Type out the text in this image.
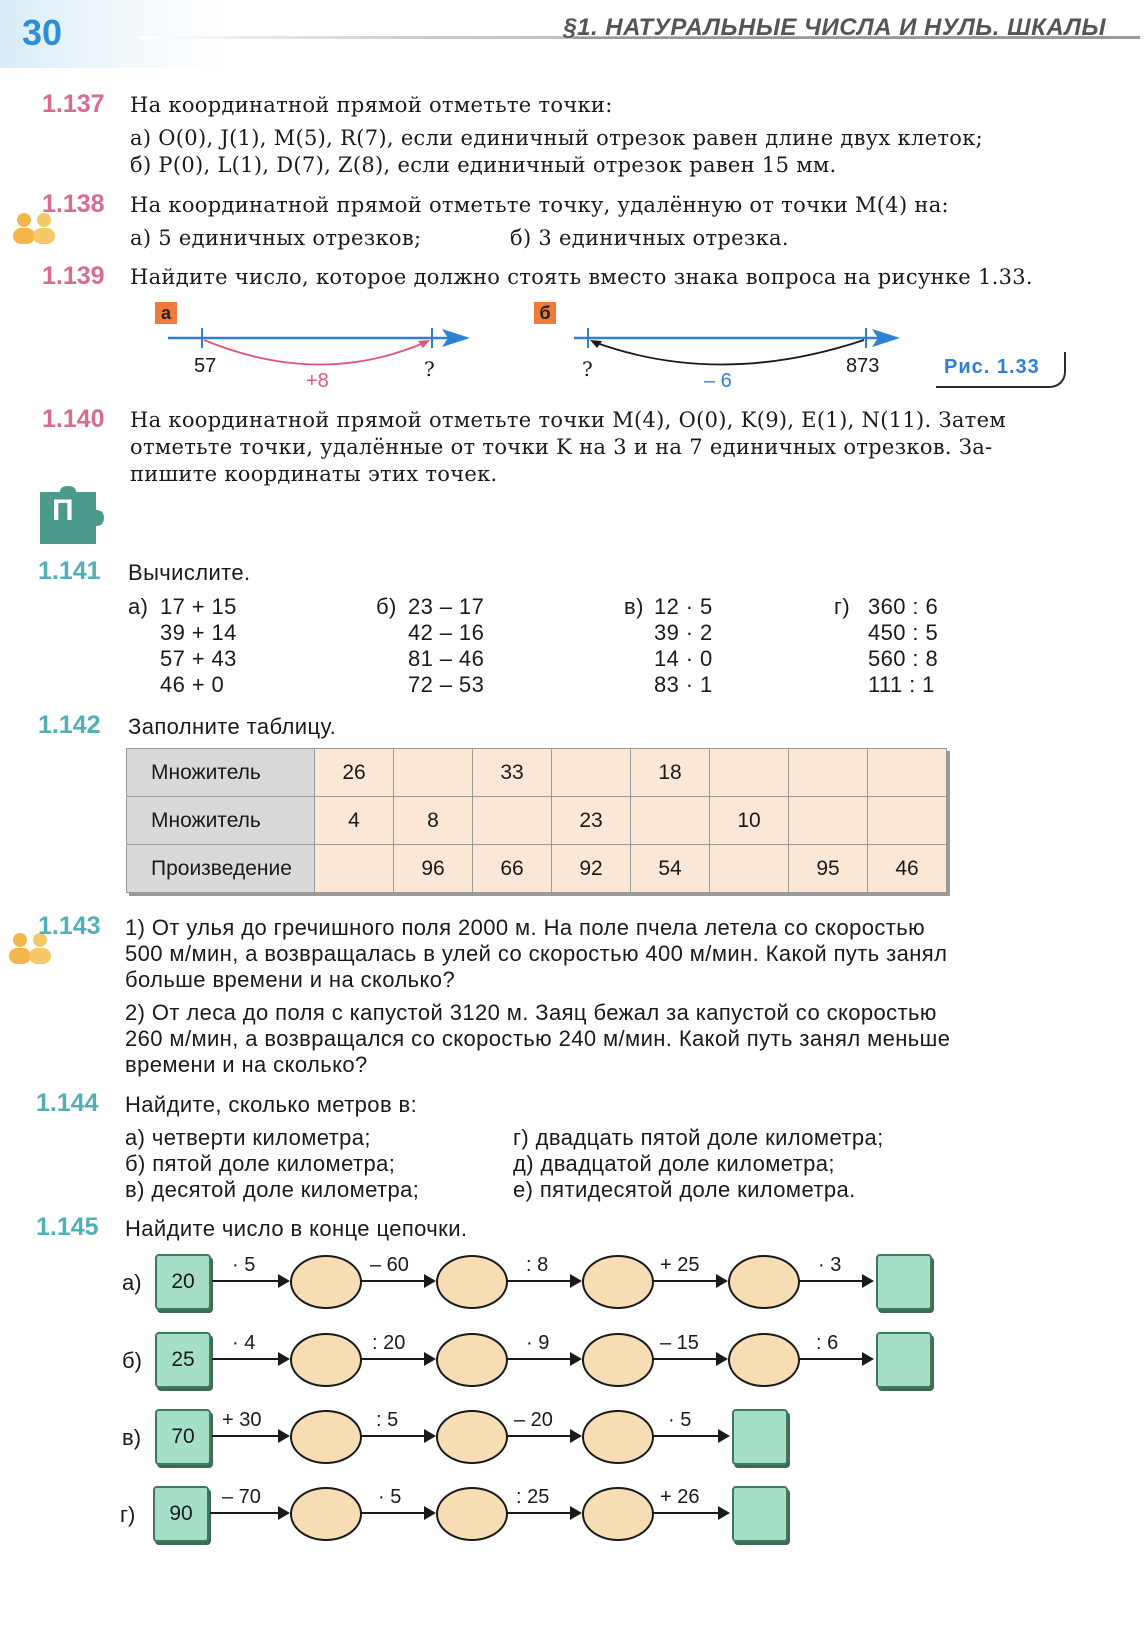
30	§1. НАТУРАЛЬНЫЕ ЧИСЛА И НУЛЬ. ШКАЛЫ
1.137 На координатной прямой отметьте точки:
а) O(0), J(1), M(5), R(7), если единичный отрезок равен длине двух клеток;
б) P(0), L(1), D(7), Z(8), если единичный отрезок равен 15 мм.
1.138 На координатной прямой отметьте точку, удалённую от точки M(4) на:
а) 5 единичных отрезков;	б) 3 единичных отрезка.
1.139 Найдите число, которое должно стоять вместо знака вопроса на рисунке 1.33.
а
57
+8	?
б
?	– 6
873	Рис. 1.33
1.140 На координатной прямой отметьте точки M(4), O(0), K(9), E(1), N(11). Затем
отметьте точки, удалённые от точки K на 3 и на 7 единичных отрезков. За-
пишите координаты этих точек.
П
1.141 Вычислите.
а) 17 + 15
39 + 14
57 + 43
46 + 0
б) 23 – 17
42 – 16
81 – 46
72 – 53
в) 12 · 5
39 · 2
14 · 0
83 · 1
г) 360 : 6
450 : 5
560 : 8
111 : 1
1.142 Заполните таблицу.
Множитель	26		33		18			
Множитель	4	8		23		10		
Произведение		96	66	92	54		95	46
1.143 1) От улья до гречишного поля 2000 м. На поле пчела летела со скоростью
500 м/мин, а возвращалась в улей со скоростью 400 м/мин. Какой путь занял
больше времени и на сколько?
2) От леса до поля с капустой 3120 м. Заяц бежал за капустой со скоростью
260 м/мин, а возвращался со скоростью 240 м/мин. Какой путь занял меньше
времени и на сколько?
1.144 Найдите, сколько метров в:
а) четверти километра;
б) пятой доле километра;
в) десятой доле километра;
г) двадцать пятой доле километра;
д) двадцатой доле километра;
е) пятидесятой доле километра.
1.145 Найдите число в конце цепочки.
а)	20
· 5	– 60	: 8	+ 25	· 3
б)	25
· 4	: 20	· 9	– 15	: 6
в)	70
+ 30	: 5	– 20	· 5
г)	90
– 70	· 5	: 25	+ 26
